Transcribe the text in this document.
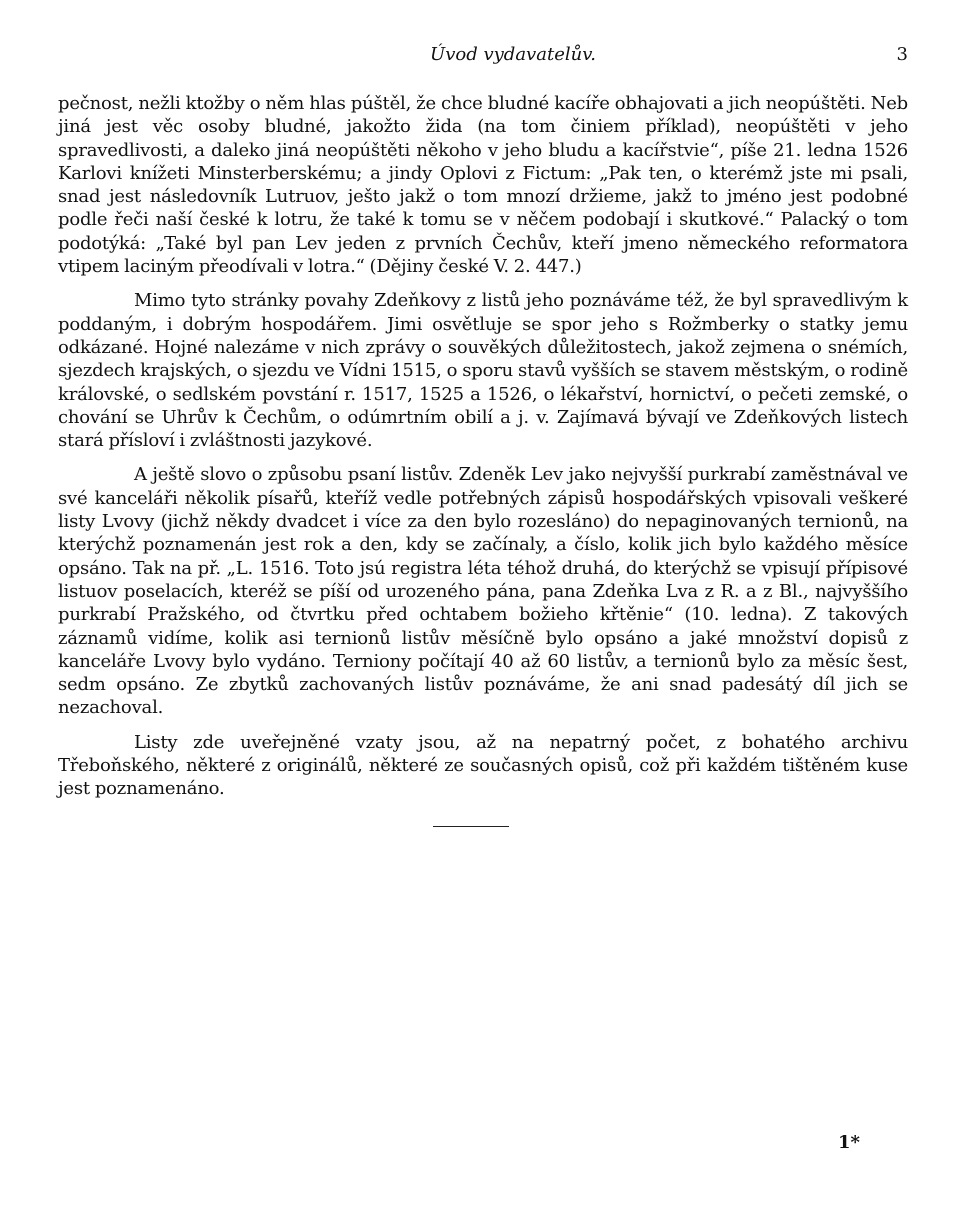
Úvod vydavatelův.	3

pečnost, nežli ktožby o něm hlas púštěl, že chce bludné kacíře obhajovati a jich neopúštěti. Neb jiná jest věc osoby bludné, jakožto žida (na tom činiem příklad), neopúštěti v jeho spravedlivosti, a daleko jiná neopúštěti někoho v jeho bludu a kacířstvie“, píše 21. ledna 1526 Karlovi knížeti Minsterberskému; a jindy Oplovi z Fictum: „Pak ten, o kterémž jste mi psali, snad jest následovník Lutruov, ješto jakž o tom mnozí držieme, jakž to jméno jest podobné podle řeči naší české k lotru, že také k tomu se v něčem podobají i skutkové.“ Palacký o tom podotýká: „Také byl pan Lev jeden z prvních Čechův, kteří jmeno německého reformatora vtipem laciným přeodívali v lotra.“ (Dějiny české V. 2. 447.)

Mimo tyto stránky povahy Zdeňkovy z listů jeho poznáváme též, že byl spravedlivým k poddaným, i dobrým hospodářem. Jimi osvětluje se spor jeho s Rožmberky o statky jemu odkázané. Hojné nalezáme v nich zprávy o souvěkých důležitostech, jakož zejmena o snémích, sjezdech krajských, o sjezdu ve Vídni 1515, o sporu stavů vyšších se stavem městským, o rodině královské, o sedlském povstání r. 1517, 1525 a 1526, o lékařství, hornictví, o pečeti zemské, o chování se Uhrův k Čechům, o odúmrtním obilí a j. v. Zajímavá bývají ve Zdeňkových listech stará přísloví i zvláštnosti jazykové.

A ještě slovo o způsobu psaní listův. Zdeněk Lev jako nejvyšší purkrabí zaměstnával ve své kanceláři několik písařů, kteříž vedle potřebných zápisů hospodářských vpisovali veškeré listy Lvovy (jichž někdy dvadcet i více za den bylo rozesláno) do nepaginovaných ternionů, na kterýchž poznamenán jest rok a den, kdy se začínaly, a číslo, kolik jich bylo každého měsíce opsáno. Tak na př. „L. 1516. Toto jsú registra léta téhož druhá, do kterýchž se vpisují přípisové listuov poselacích, kteréž se píší od urozeného pána, pana Zdeňka Lva z R. a z Bl., najvyššího purkrabí Pražského, od čtvrtku před ochtabem božieho křtěnie“ (10. ledna). Z takových záznamů vidíme, kolik asi ternionů listův měsíčně bylo opsáno a jaké množství dopisů z kanceláře Lvovy bylo vydáno. Terniony počítají 40 až 60 listův, a ternionů bylo za měsíc šest, sedm opsáno. Ze zbytků zachovaných listův poznáváme, že ani snad padesátý díl jich se nezachoval.

Listy zde uveřejněné vzaty jsou, až na nepatrný počet, z bohatého archivu Třeboňského, některé z originálů, některé ze současných opisů, což při každém tištěném kuse jest poznamenáno.

1*
